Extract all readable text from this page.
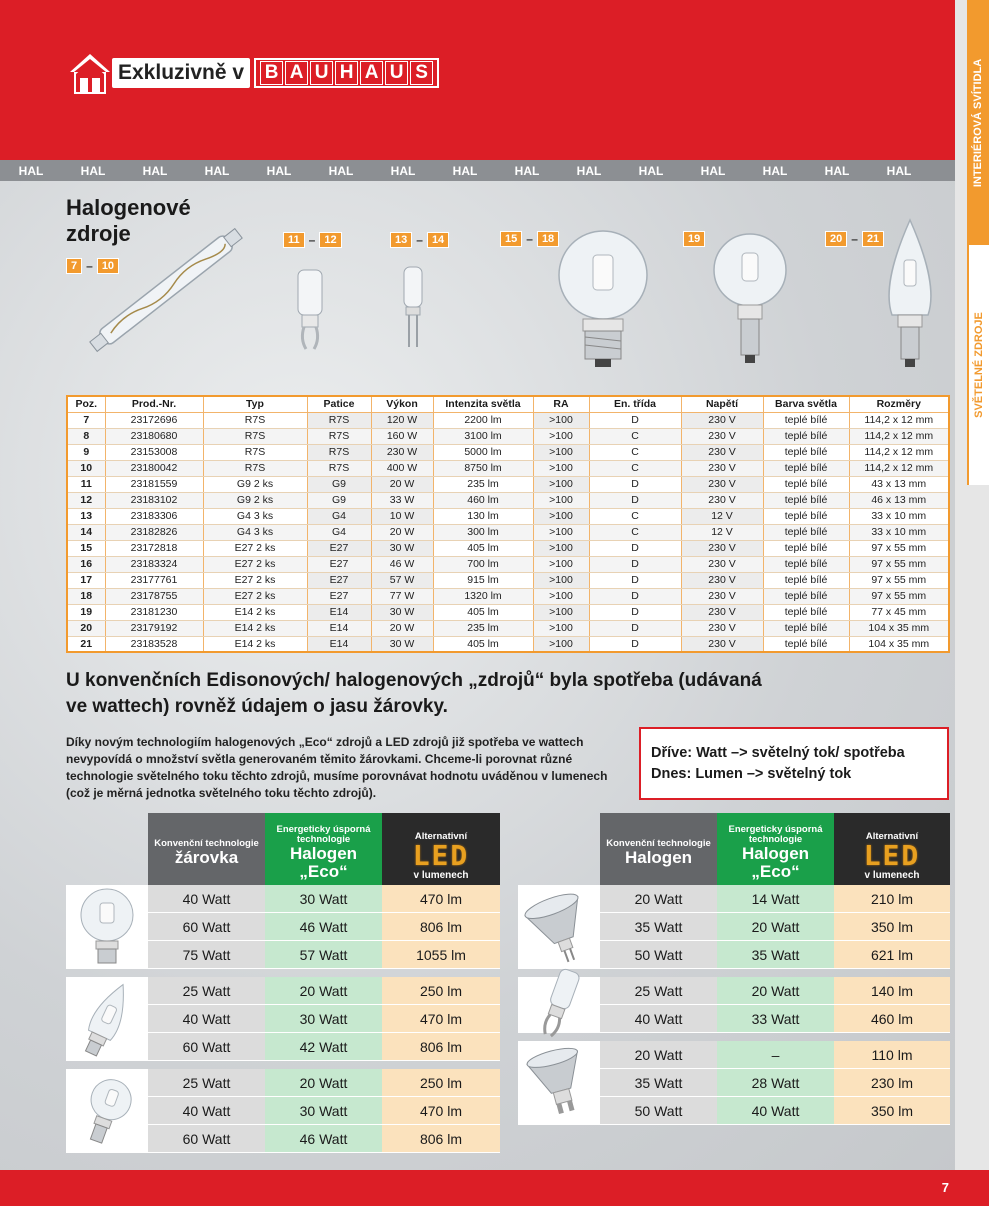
INTERIÉROVÁ SVÍTIDLA
SVĚTELNÉ ZDROJE
Exkluzivně v	B A U H A U S
HAL	HAL	HAL	HAL	HAL	HAL	HAL	HAL	HAL	HAL	HAL	HAL	HAL	HAL	HAL
Halogenové
zdroje
7 – 10
11 – 12	13 – 14	15 – 18	19	20 – 21
Poz.	Prod.-Nr.	Typ	Patice	Výkon	Intenzita světla	RA	En. třída	Napětí	Barva světla	Rozměry
7	23172696	R7S	R7S	120 W	2200 lm	>100	D	230 V	teplé bílé	114,2 x 12 mm
8	23180680	R7S	R7S	160 W	3100 lm	>100	C	230 V	teplé bílé	114,2 x 12 mm
9	23153008	R7S	R7S	230 W	5000 lm	>100	C	230 V	teplé bílé	114,2 x 12 mm
10	23180042	R7S	R7S	400 W	8750 lm	>100	C	230 V	teplé bílé	114,2 x 12 mm
11	23181559	G9 2 ks	G9	20 W	235 lm	>100	D	230 V	teplé bílé	43 x 13 mm
12	23183102	G9 2 ks	G9	33 W	460 lm	>100	D	230 V	teplé bílé	46 x 13 mm
13	23183306	G4 3 ks	G4	10 W	130 lm	>100	C	12 V	teplé bílé	33 x 10 mm
14	23182826	G4 3 ks	G4	20 W	300 lm	>100	C	12 V	teplé bílé	33 x 10 mm
15	23172818	E27 2 ks	E27	30 W	405 lm	>100	D	230 V	teplé bílé	97 x 55 mm
16	23183324	E27 2 ks	E27	46 W	700 lm	>100	D	230 V	teplé bílé	97 x 55 mm
17	23177761	E27 2 ks	E27	57 W	915 lm	>100	D	230 V	teplé bílé	97 x 55 mm
18	23178755	E27 2 ks	E27	77 W	1320 lm	>100	D	230 V	teplé bílé	97 x 55 mm
19	23181230	E14 2 ks	E14	30 W	405 lm	>100	D	230 V	teplé bílé	77 x 45 mm
20	23179192	E14 2 ks	E14	20 W	235 lm	>100	D	230 V	teplé bílé	104 x 35 mm
21	23183528	E14 2 ks	E14	30 W	405 lm	>100	D	230 V	teplé bílé	104 x 35 mm
U konvenčních Edisonových/ halogenových „zdrojů“ byla spotřeba (udávaná ve wattech) rovněž údajem o jasu žárovky.
Díky novým technologiím halogenových „Eco“ zdrojů a LED zdrojů již spotřeba ve wattech nevypovídá o množství světla generovaném těmito žárovkami. Chceme-li porovnat různé technologie světelného toku těchto zdrojů, musíme porovnávat hodnotu uváděnou v lumenech (což je měrná jednotka světelného toku těchto zdrojů).
Dříve: Watt –> světelný tok/ spotřeba
Dnes: Lumen –> světelný tok
Konvenční technologie
žárovka
Energeticky úsporná technologie
Halogen
„Eco“
Alternativní
LED
v lumenech
40 Watt	30 Watt	470 lm
60 Watt	46 Watt	806 lm
75 Watt	57 Watt	1055 lm
25 Watt	20 Watt	250 lm
40 Watt	30 Watt	470 lm
60 Watt	42 Watt	806 lm
25 Watt	20 Watt	250 lm
40 Watt	30 Watt	470 lm
60 Watt	46 Watt	806 lm
Konvenční technologie
Halogen
Energeticky úsporná technologie
Halogen
„Eco“
Alternativní
LED
v lumenech
20 Watt	14 Watt	210 lm
35 Watt	20 Watt	350 lm
50 Watt	35 Watt	621 lm
25 Watt	20 Watt	140 lm
40 Watt	33 Watt	460 lm
20 Watt	–	110 lm
35 Watt	28 Watt	230 lm
50 Watt	40 Watt	350 lm
7
